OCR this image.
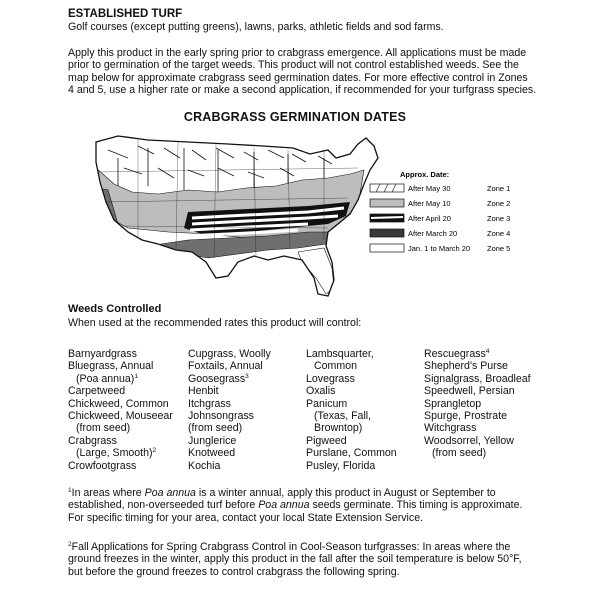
ESTABLISHED TURF
Golf courses (except putting greens), lawns, parks, athletic fields and sod farms.
Apply this product in the early spring prior to crabgrass emergence. All applications must be made
prior to germination of the target weeds. This product will not control established weeds. See the
map below for approximate crabgrass seed germination dates. For more effective control in Zones
4 and 5, use a higher rate or make a second application, if recommended for your turfgrass species.
CRABGRASS GERMINATION DATES
Approx. Date:
After May 30	Zone 1
After May 10	Zone 2
After April 20	Zone 3
After March 20	Zone 4
Jan. 1 to March 20 Zone 5
Weeds Controlled
When used at the recommended rates this product will control:
Barnyardgrass
Bluegrass, Annual
(Poa annua)$^1$
Carpetweed
Chickweed, Common
Chickweed, Mouseear
(from seed)
Crabgrass
(Large, Smooth)$^2$
Crowfootgrass
Cupgrass, Woolly
Foxtails, Annual
Goosegrass$^3$
Henbit
Itchgrass
Johnsongrass
(from seed)
Junglerice
Knotweed
Kochia
Lambsquarter,
Common
Lovegrass
Oxalis
Panicum
(Texas, Fall,
Browntop)
Pigweed
Purslane, Common
Pusley, Florida
Rescuegrass$^4$
Shepherd's Purse
Signalgrass, Broadleaf
Speedwell, Persian
Sprangletop
Spurge, Prostrate
Witchgrass
Woodsorrel, Yellow
(from seed)
$^1$In areas where Poa annua is a winter annual, apply this product in August or September to
established, non-overseeded turf before Poa annua seeds germinate. This timing is approximate.
For specific timing for your area, contact your local State Extension Service.
$^2$Fall Applications for Spring Crabgrass Control in Cool-Season turfgrasses: In areas where the
ground freezes in the winter, apply this product in the fall after the soil temperature is below 50°F,
but before the ground freezes to control crabgrass the following spring.
